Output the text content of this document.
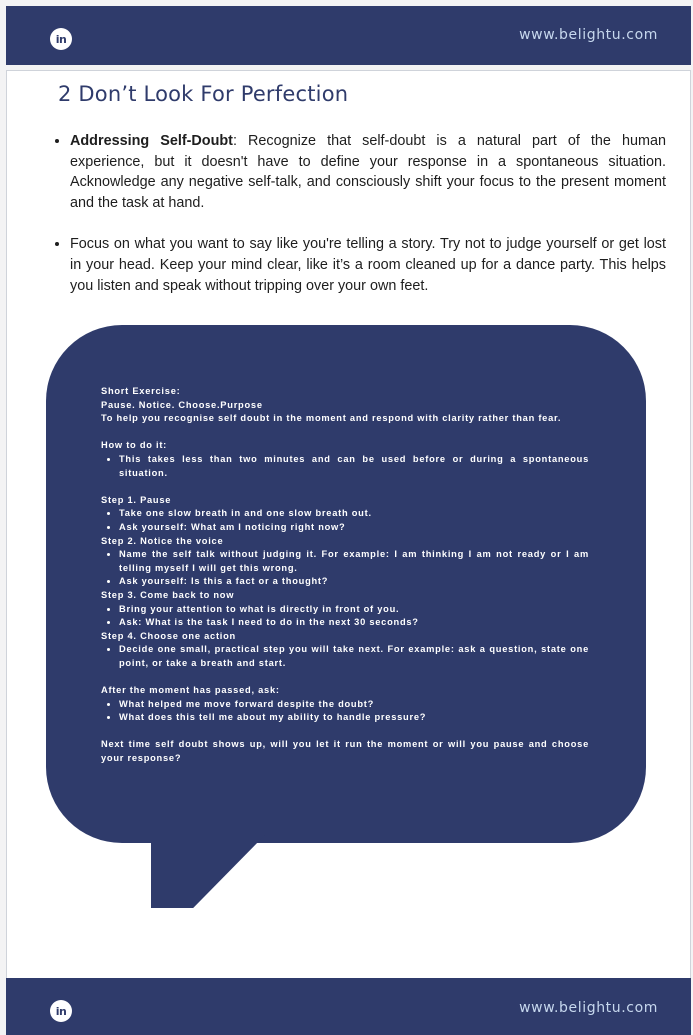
in	www.belightu.com
2 Don’t Look For Perfection
• Addressing Self-Doubt: Recognize that self-doubt is a natural part of the human experience, but it doesn't have to define your response in a spontaneous situation. Acknowledge any negative self-talk, and consciously shift your focus to the present moment and the task at hand.
• Focus on what you want to say like you're telling a story. Try not to judge yourself or get lost in your head. Keep your mind clear, like it’s a room cleaned up for a dance party. This helps you listen and speak without tripping over your own feet.

Short Exercise:

Pause. Notice. Choose.Purpose

To help you recognise self doubt in the moment and respond with clarity rather than fear.

How to do it:

• This takes less than two minutes and can be used before or during a spontaneous situation.

Step 1. Pause

• Take one slow breath in and one slow breath out.
• Ask yourself: What am I noticing right now?

Step 2. Notice the voice

• Name the self talk without judging it. For example: I am thinking I am not ready or I am telling myself I will get this wrong.
• Ask yourself: Is this a fact or a thought?

Step 3. Come back to now

• Bring your attention to what is directly in front of you.
• Ask: What is the task I need to do in the next 30 seconds?

Step 4. Choose one action

• Decide one small, practical step you will take next. For example: ask a question, state one point, or take a breath and start.

After the moment has passed, ask:

• What helped me move forward despite the doubt?
• What does this tell me about my ability to handle pressure?

Next time self doubt shows up, will you let it run the moment or will you pause and choose your response?

in	www.belightu.com
